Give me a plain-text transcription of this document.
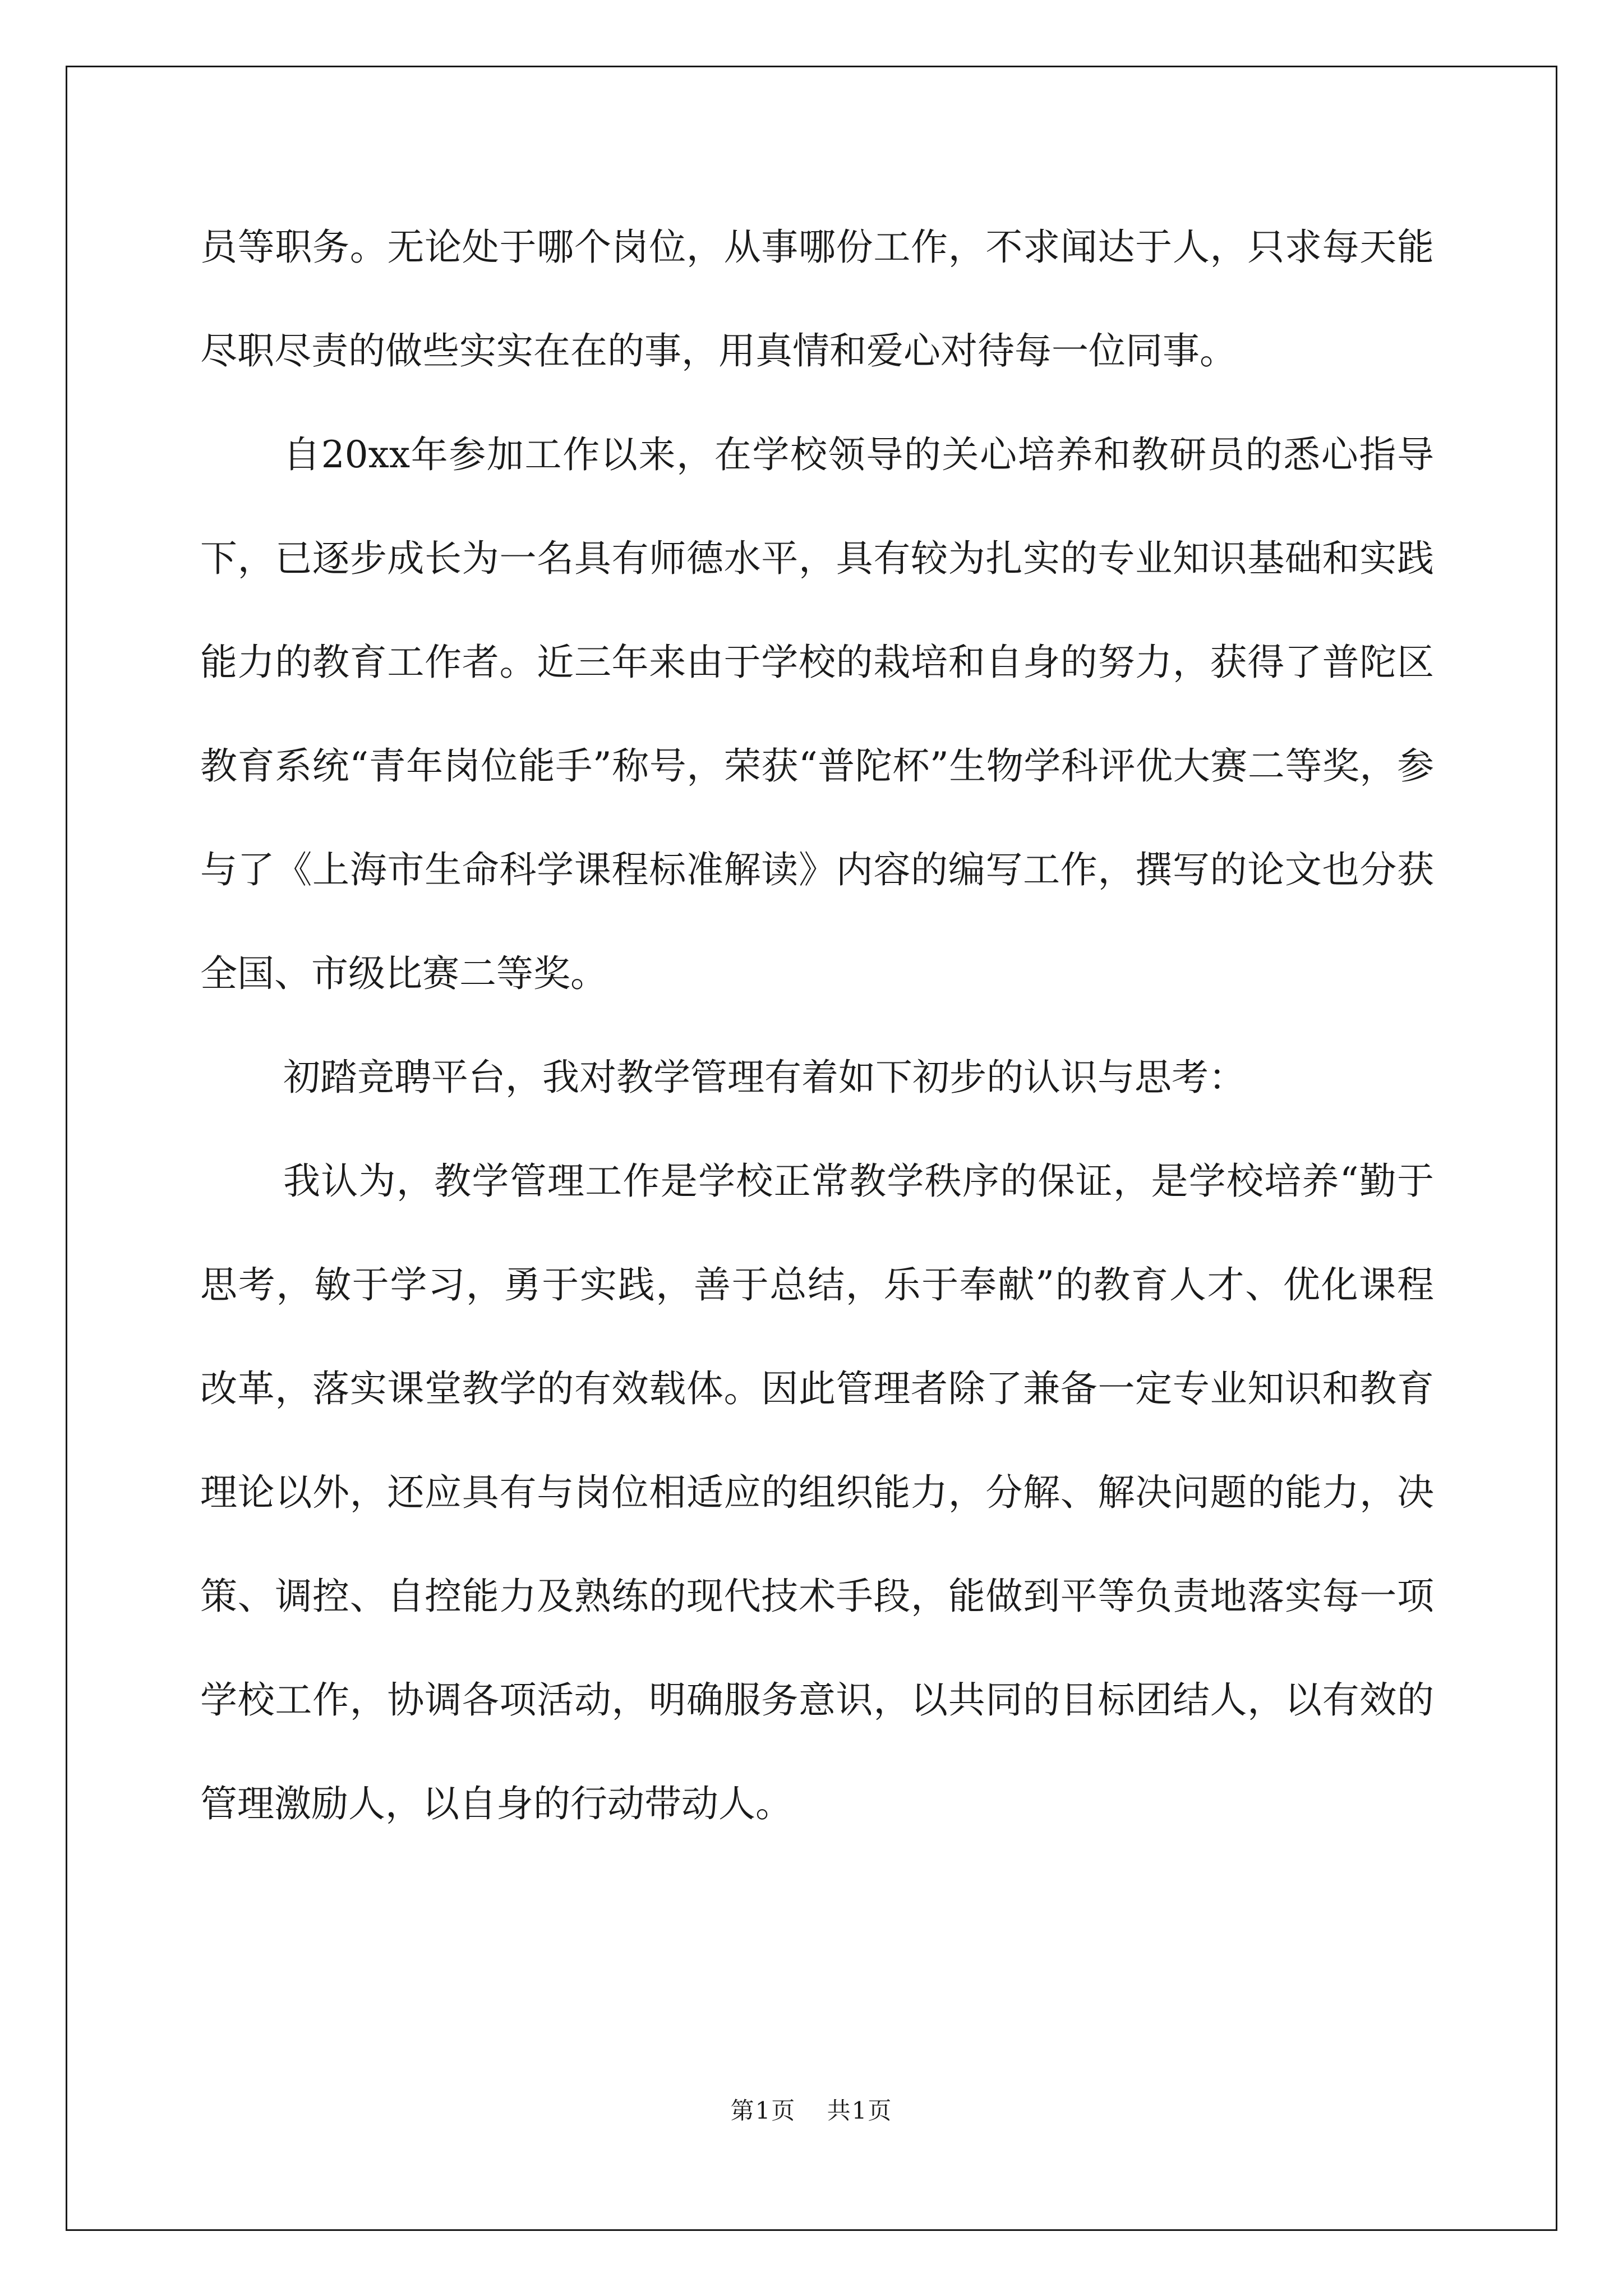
员等职务。无论处于哪个岗位，从事哪份工作，不求闻达于人，只求每天能尽职尽责的做些实实在在的事，用真情和爱心对待每一位同事。

自20xx年参加工作以来，在学校领导的关心培养和教研员的悉心指导下，已逐步成长为一名具有师德水平，具有较为扎实的专业知识基础和实践能力的教育工作者。近三年来由于学校的栽培和自身的努力，获得了普陀区教育系统“青年岗位能手”称号，荣获“普陀杯”生物学科评优大赛二等奖，参与了《上海市生命科学课程标准解读》内容的编写工作，撰写的论文也分获全国、市级比赛二等奖。

初踏竞聘平台，我对教学管理有着如下初步的认识与思考：

我认为，教学管理工作是学校正常教学秩序的保证，是学校培养“勤于思考，敏于学习，勇于实践，善于总结，乐于奉献”的教育人才、优化课程改革，落实课堂教学的有效载体。因此管理者除了兼备一定专业知识和教育理论以外，还应具有与岗位相适应的组织能力，分解、解决问题的能力，决策、调控、自控能力及熟练的现代技术手段，能做到平等负责地落实每一项学校工作，协调各项活动，明确服务意识，以共同的目标团结人，以有效的管理激励人，以自身的行动带动人。

第1页 共1页
